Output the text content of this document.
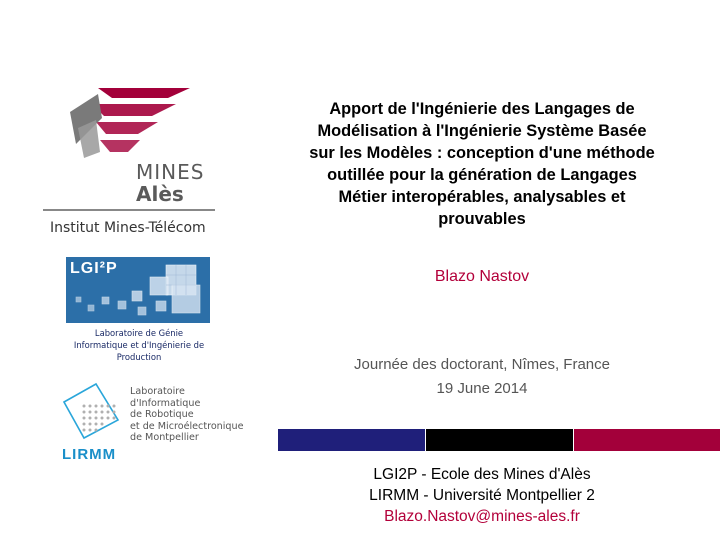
MINES
Alès
Institut Mines-Télécom
LGI²P
Laboratoire de Génie
Informatique et d'Ingénierie de
Production
LIRMM
Laboratoire
d'Informatique
de Robotique
et de Microélectronique
de Montpellier
Apport de l'Ingénierie des Langages de
Modélisation à l'Ingénierie Système Basée
sur les Modèles : conception d'une méthode
outillée pour la génération de Langages
Métier interopérables, analysables et
prouvables
Blazo Nastov
Journée des doctorant, Nîmes, France
19 June 2014
LGI2P - Ecole des Mines d'Alès
LIRMM - Université Montpellier 2
Blazo.Nastov@mines-ales.fr
